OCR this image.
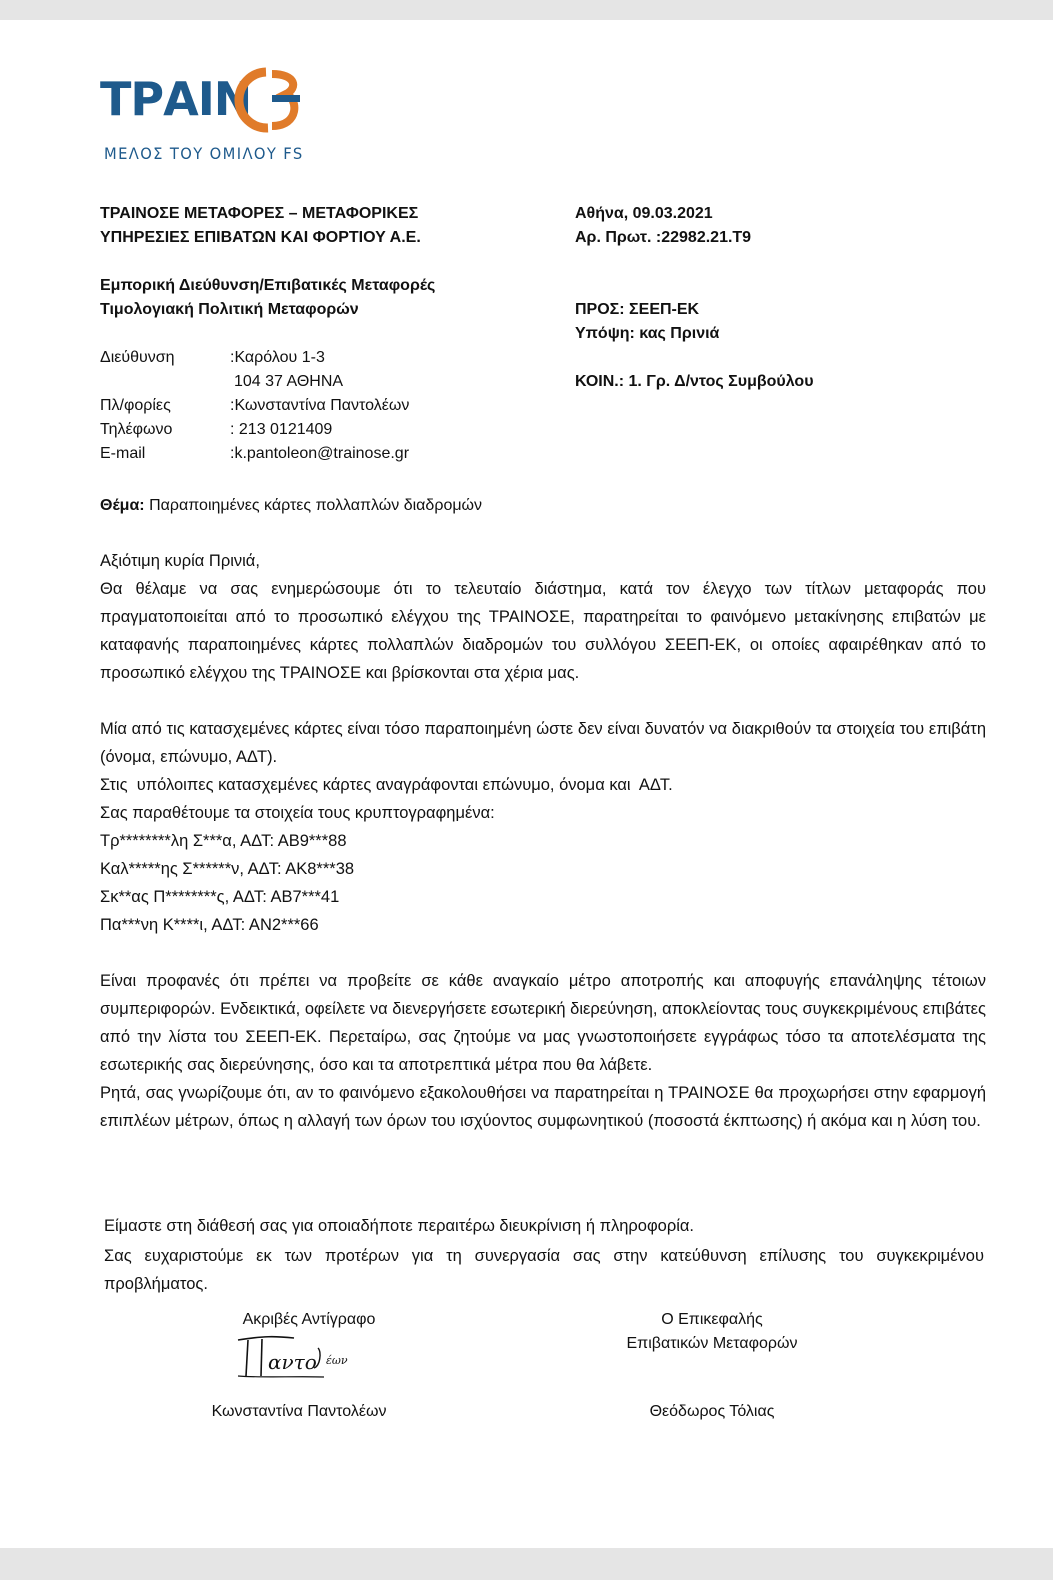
ΤΡΑΙΝ
ΜΕΛΟΣ ΤΟΥ ΟΜΙΛΟΥ FS
ΤΡΑΙΝΟΣΕ ΜΕΤΑΦΟΡΕΣ – ΜΕΤΑΦΟΡΙΚΕΣ
ΥΠΗΡΕΣΙΕΣ ΕΠΙΒΑΤΩΝ ΚΑΙ ΦΟΡΤΙΟΥ Α.Ε.
Εμπορική Διεύθυνση/Επιβατικές Μεταφορές
Τιμολογιακή Πολιτική Μεταφορών
Αθήνα, 09.03.2021
Αρ. Πρωτ. :22982.21.Τ9
ΠΡΟΣ: ΣΕΕΠ-ΕΚ
Υπόψη: κας Πρινιά
ΚΟΙΝ.: 1. Γρ. Δ/ντος Συμβούλου
Διεύθυνση	:Καρόλου 1-3
104 37 ΑΘΗΝΑ
Πλ/φορίες	:Κωνσταντίνα Παντολέων
Τηλέφωνο	: 213 0121409
E-mail	:k.pantoleon@trainose.gr
Θέμα: Παραποιημένες κάρτες πολλαπλών διαδρομών

Αξιότιμη κυρία Πρινιά,

Θα θέλαμε να σας ενημερώσουμε ότι το τελευταίο διάστημα, κατά τον έλεγχο των τίτλων μεταφοράς που πραγματοποιείται από το προσωπικό ελέγχου της ΤΡΑΙΝΟΣΕ, παρατηρείται το φαινόμενο μετακίνησης επιβατών με καταφανής παραποιημένες κάρτες πολλαπλών διαδρομών του συλλόγου ΣΕΕΠ-ΕΚ, οι οποίες αφαιρέθηκαν από το προσωπικό ελέγχου της ΤΡΑΙΝΟΣΕ και βρίσκονται στα χέρια μας.

Μία από τις κατασχεμένες κάρτες είναι τόσο παραποιημένη ώστε δεν είναι δυνατόν να διακριθούν τα στοιχεία του επιβάτη (όνομα, επώνυμο, ΑΔΤ).

Στις  υπόλοιπες κατασχεμένες κάρτες αναγράφονται επώνυμο, όνομα και  ΑΔΤ.

Σας παραθέτουμε τα στοιχεία τους κρυπτογραφημένα:

Τρ********λη Σ***α, ΑΔΤ: ΑΒ9***88

Καλ*****ης Σ******ν, ΑΔΤ: ΑΚ8***38

Σκ**ας Π********ς, ΑΔΤ: ΑΒ7***41

Πα***νη Κ****ι, ΑΔΤ: ΑΝ2***66

Είναι προφανές ότι πρέπει να προβείτε σε κάθε αναγκαίο μέτρο αποτροπής και αποφυγής επανάληψης τέτοιων συμπεριφορών. Ενδεικτικά, οφείλετε να διενεργήσετε εσωτερική διερεύνηση, αποκλείοντας τους συγκεκριμένους επιβάτες από την λίστα του ΣΕΕΠ-ΕΚ. Περεταίρω, σας ζητούμε να μας γνωστοποιήσετε εγγράφως τόσο τα αποτελέσματα της εσωτερικής σας διερεύνησης, όσο και τα αποτρεπτικά μέτρα που θα λάβετε.

Ρητά, σας γνωρίζουμε ότι, αν το φαινόμενο εξακολουθήσει να παρατηρείται η ΤΡΑΙΝΟΣΕ θα προχωρήσει στην εφαρμογή επιπλέων μέτρων, όπως η αλλαγή των όρων του ισχύοντος συμφωνητικού (ποσοστά έκπτωσης) ή ακόμα και η λύση του.

Είμαστε στη διάθεσή σας για οποιαδήποτε περαιτέρω διευκρίνιση ή πληροφορία.

Σας ευχαριστούμε εκ των προτέρων για τη συνεργασία σας στην κατεύθυνση επίλυσης του συγκεκριμένου προβλήματος.

Ακριβές Αντίγραφο
αντο έων
Κωνσταντίνα Παντολέων
Ο Επικεφαλής
Επιβατικών Μεταφορών
Θεόδωρος Τόλιας
